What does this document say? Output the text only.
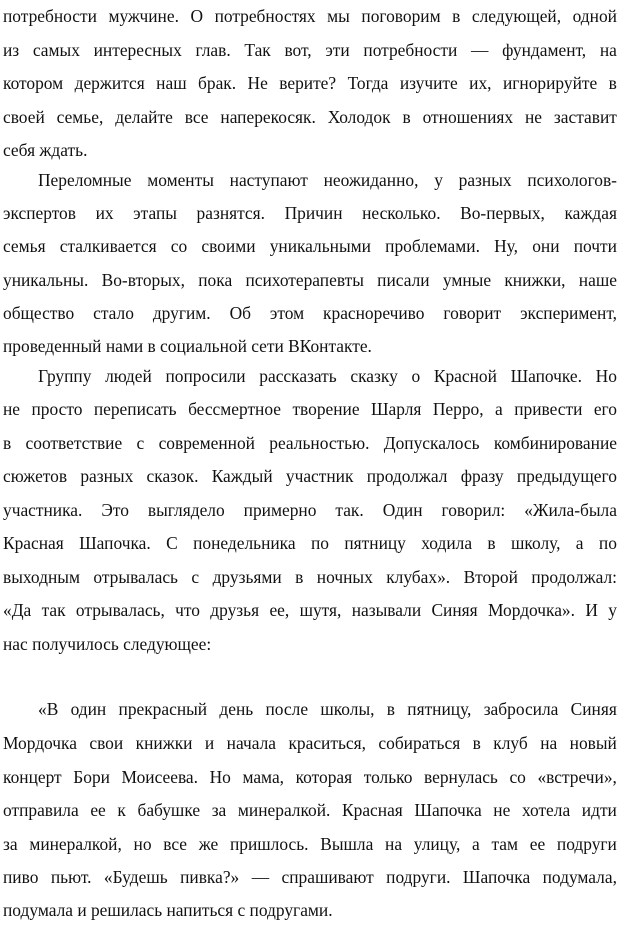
потребности мужчине. О потребностях мы поговорим в следующей, одной
из самых интересных глав. Так вот, эти потребности — фундамент, на
котором держится наш брак. Не верите? Тогда изучите их, игнорируйте в
своей семье, делайте все наперекосяк. Холодок в отношениях не заставит
себя ждать.
Переломные моменты наступают неожиданно, у разных психологов-
экспертов их этапы разнятся. Причин несколько. Во-первых, каждая
семья сталкивается со своими уникальными проблемами. Ну, они почти
уникальны. Во-вторых, пока психотерапевты писали умные книжки, наше
общество стало другим. Об этом красноречиво говорит эксперимент,
проведенный нами в социальной сети ВКонтакте.
Группу людей попросили рассказать сказку о Красной Шапочке. Но
не просто переписать бессмертное творение Шарля Перро, а привести его
в соответствие с современной реальностью. Допускалось комбинирование
сюжетов разных сказок. Каждый участник продолжал фразу предыдущего
участника. Это выглядело примерно так. Один говорил: «Жила-была
Красная Шапочка. С понедельника по пятницу ходила в школу, а по
выходным отрывалась с друзьями в ночных клубах». Второй продолжал:
«Да так отрывалась, что друзья ее, шутя, называли Синяя Мордочка». И у
нас получилось следующее:
«В один прекрасный день после школы, в пятницу, забросила Синяя
Мордочка свои книжки и начала краситься, собираться в клуб на новый
концерт Бори Моисеева. Но мама, которая только вернулась со «встречи»,
отправила ее к бабушке за минералкой. Красная Шапочка не хотела идти
за минералкой, но все же пришлось. Вышла на улицу, а там ее подруги
пиво пьют. «Будешь пивка?» — спрашивают подруги. Шапочка подумала,
подумала и решилась напиться с подругами.
